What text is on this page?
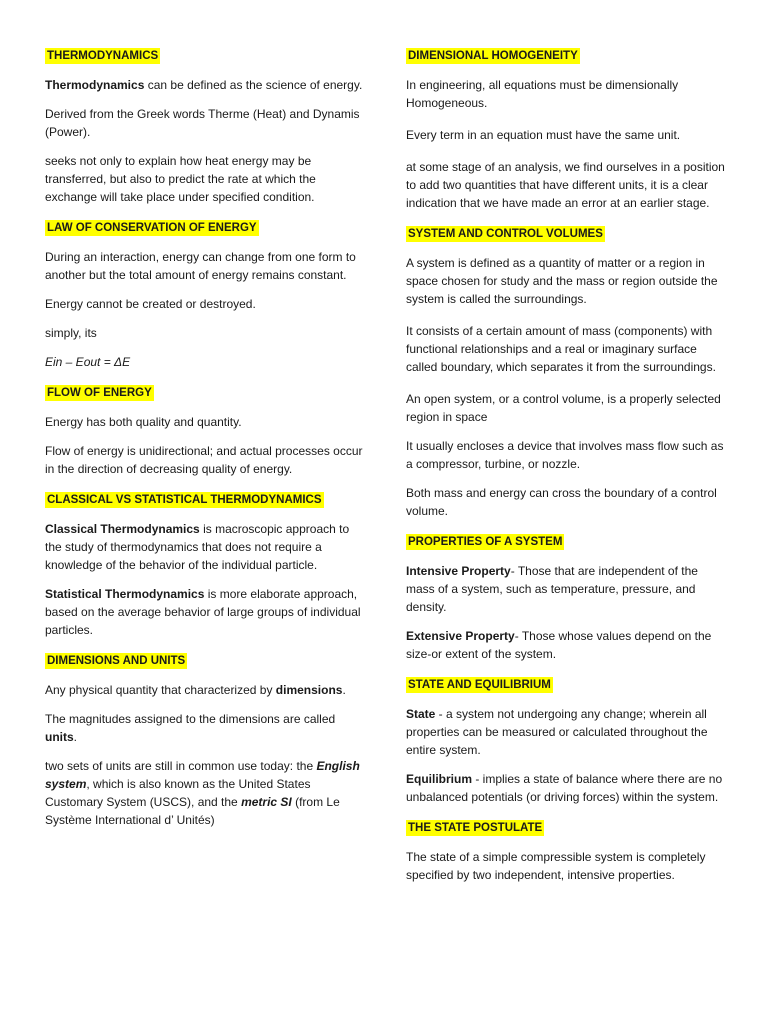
THERMODYNAMICS

Thermodynamics can be defined as the science of energy.

Derived from the Greek words Therme (Heat) and Dynamis (Power).

seeks not only to explain how heat energy may be transferred, but also to predict the rate at which the exchange will take place under specified condition.

LAW OF CONSERVATION OF ENERGY

During an interaction, energy can change from one form to another but the total amount of energy remains constant.

Energy cannot be created or destroyed.

simply, its

Ein – Eout = ΔE

FLOW OF ENERGY

Energy has both quality and quantity.

Flow of energy is unidirectional; and actual processes occur in the direction of decreasing quality of energy.

CLASSICAL VS STATISTICAL THERMODYNAMICS

Classical Thermodynamics is macroscopic approach to the study of thermodynamics that does not require a knowledge of the behavior of the individual particle.

Statistical Thermodynamics is more elaborate approach, based on the average behavior of large groups of individual particles.

DIMENSIONS AND UNITS

Any physical quantity that characterized by dimensions.

The magnitudes assigned to the dimensions are called units.

two sets of units are still in common use today: the English system, which is also known as the United States Customary System (USCS), and the metric SI (from Le Système International d’ Unités)

DIMENSIONAL HOMOGENEITY

In engineering, all equations must be dimensionally Homogeneous.

Every term in an equation must have the same unit.

at some stage of an analysis, we find ourselves in a position to add two quantities that have different units, it is a clear indication that we have made an error at an earlier stage.

SYSTEM AND CONTROL VOLUMES

A system is defined as a quantity of matter or a region in space chosen for study and the mass or region outside the system is called the surroundings.

It consists of a certain amount of mass (components) with functional relationships and a real or imaginary surface called boundary, which separates it from the surroundings.

An open system, or a control volume, is a properly selected region in space

It usually encloses a device that involves mass flow such as a compressor, turbine, or nozzle.

Both mass and energy can cross the boundary of a control volume.

PROPERTIES OF A SYSTEM

Intensive Property- Those that are independent of the mass of a system, such as temperature, pressure, and density.

Extensive Property- Those whose values depend on the size-or extent of the system.

STATE AND EQUILIBRIUM

State - a system not undergoing any change; wherein all properties can be measured or calculated throughout the entire system.

Equilibrium - implies a state of balance where there are no unbalanced potentials (or driving forces) within the system.

THE STATE POSTULATE

The state of a simple compressible system is completely specified by two independent, intensive properties.
